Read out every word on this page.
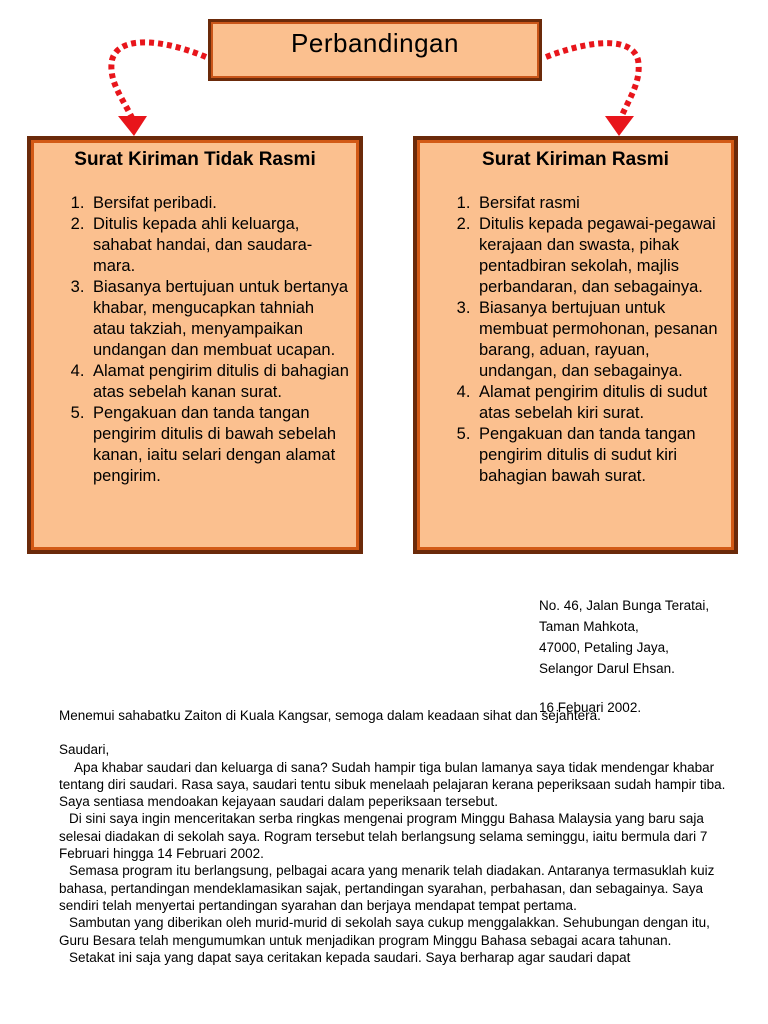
Perbandingan
Surat Kiriman Tidak Rasmi
1. Bersifat peribadi.
2. Ditulis kepada ahli keluarga, sahabat handai, dan saudara-mara.
3. Biasanya bertujuan untuk bertanya khabar, mengucapkan tahniah atau takziah, menyampaikan undangan dan membuat ucapan.
4. Alamat pengirim ditulis di bahagian atas sebelah kanan surat.
5. Pengakuan dan tanda tangan pengirim ditulis di bawah sebelah kanan, iaitu selari dengan alamat pengirim.
Surat Kiriman Rasmi
1. Bersifat rasmi
2. Ditulis kepada pegawai-pegawai kerajaan dan swasta, pihak pentadbiran sekolah, majlis perbandaran, dan sebagainya.
3. Biasanya bertujuan untuk membuat permohonan, pesanan barang, aduan, rayuan, undangan, dan sebagainya.
4. Alamat pengirim ditulis di sudut atas sebelah kiri surat.
5. Pengakuan dan tanda tangan pengirim ditulis di sudut kiri bahagian bawah surat.
No. 46, Jalan Bunga Teratai,
Taman Mahkota,
47000, Petaling Jaya,
Selangor Darul Ehsan.
16 Febuari 2002.

Menemui sahabatku Zaiton di Kuala Kangsar, semoga dalam keadaan sihat dan sejahtera.

Saudari,

Apa khabar saudari dan keluarga di sana? Sudah hampir tiga bulan lamanya saya tidak mendengar khabar tentang diri saudari. Rasa saya, saudari tentu sibuk menelaah pelajaran kerana peperiksaan sudah hampir tiba. Saya sentiasa mendoakan kejayaan saudari dalam peperiksaan tersebut.

Di sini saya ingin menceritakan serba ringkas mengenai program Minggu Bahasa Malaysia yang baru saja selesai diadakan di sekolah saya. Rogram tersebut telah berlangsung selama seminggu, iaitu bermula dari 7 Februari hingga 14 Februari 2002.

Semasa program itu berlangsung, pelbagai acara yang menarik telah diadakan. Antaranya termasuklah kuiz bahasa, pertandingan mendeklamasikan sajak, pertandingan syarahan, perbahasan, dan sebagainya. Saya sendiri telah menyertai pertandingan syarahan dan berjaya mendapat tempat pertama.

Sambutan yang diberikan oleh murid-murid di sekolah saya cukup menggalakkan. Sehubungan dengan itu, Guru Besara telah mengumumkan untuk menjadikan program Minggu Bahasa sebagai acara tahunan.

Setakat ini saja yang dapat saya ceritakan kepada saudari. Saya berharap agar saudari dapat
